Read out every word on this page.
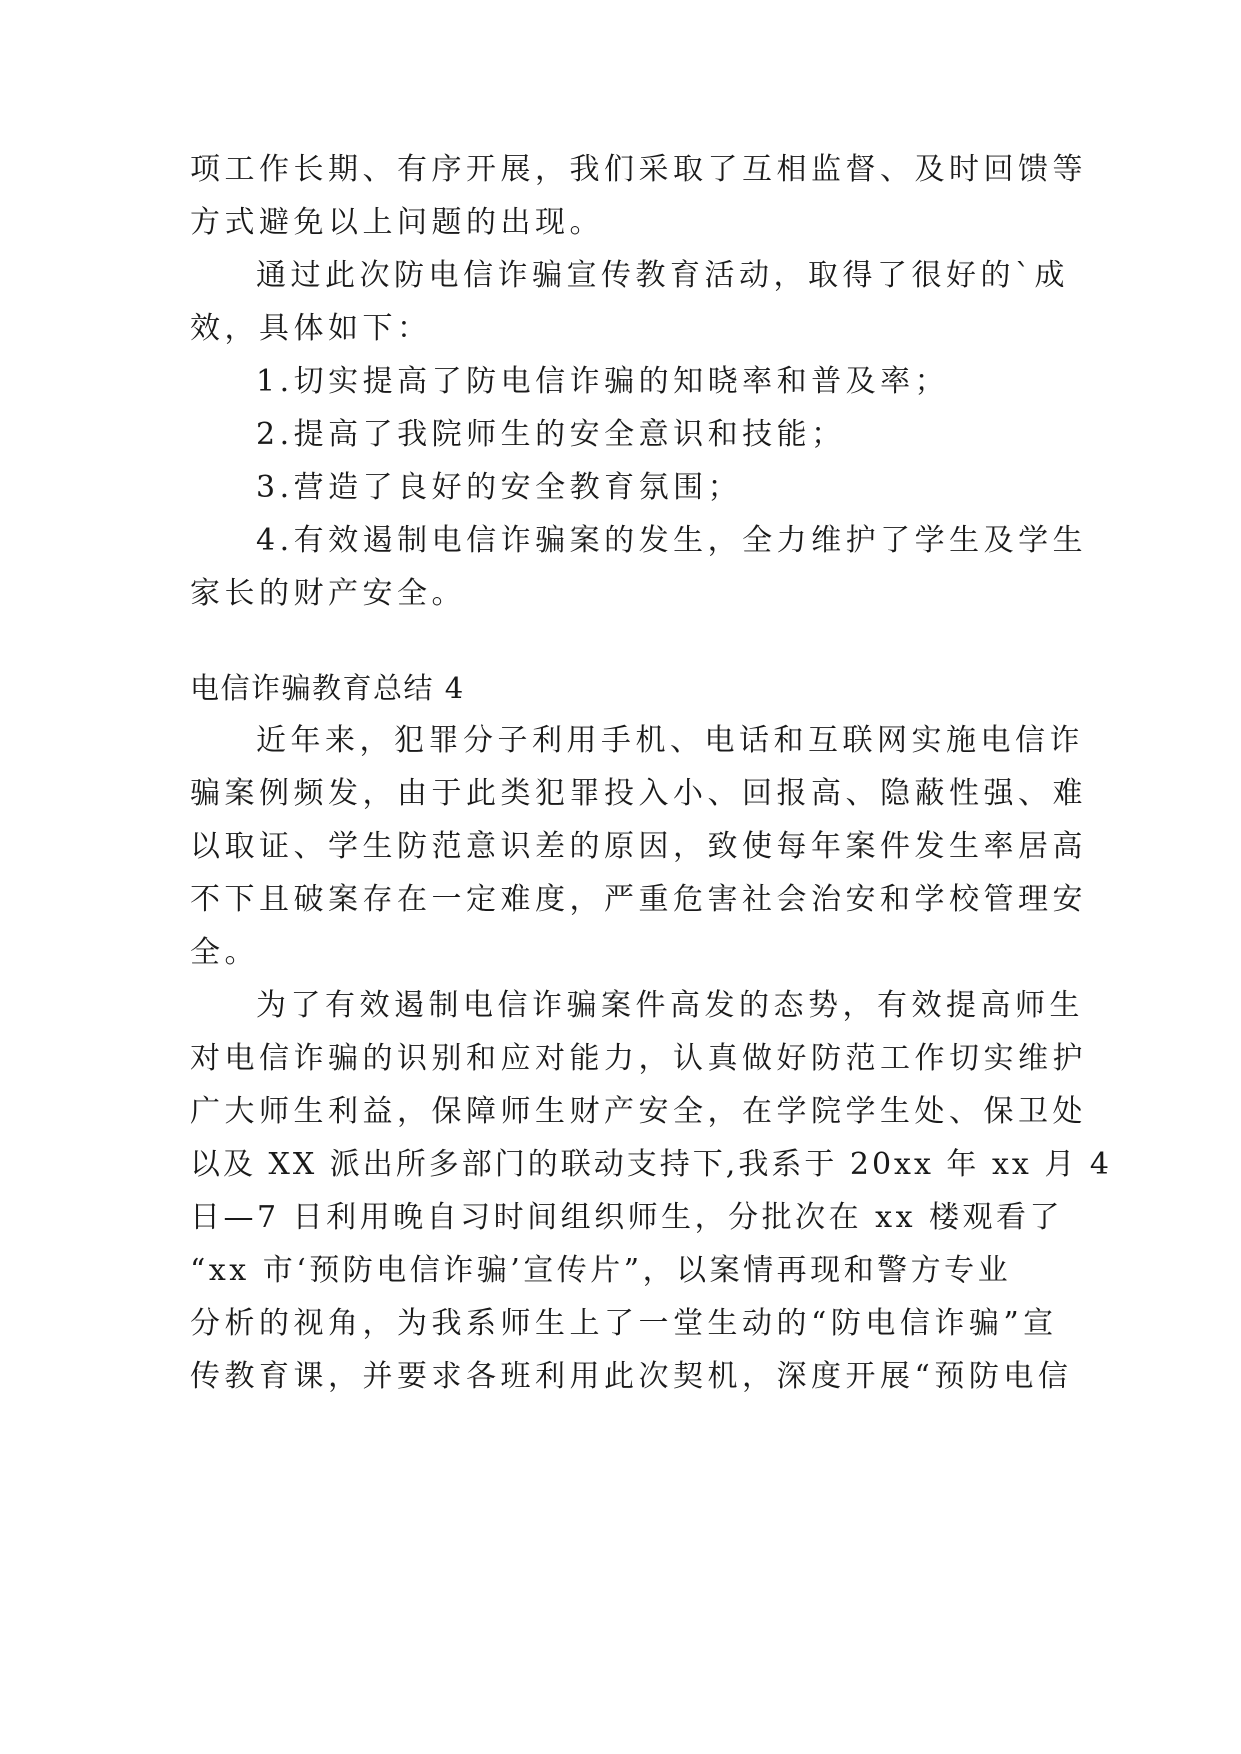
项工作长期、有序开展，我们采取了互相监督、及时回馈等
方式避免以上问题的出现。
通过此次防电信诈骗宣传教育活动，取得了很好的`成
效，具体如下：
1.切实提高了防电信诈骗的知晓率和普及率；
2.提高了我院师生的安全意识和技能；
3.营造了良好的安全教育氛围；
4.有效遏制电信诈骗案的发生，全力维护了学生及学生
家长的财产安全。
电信诈骗教育总结 4
近年来，犯罪分子利用手机、电话和互联网实施电信诈
骗案例频发，由于此类犯罪投入小、回报高、隐蔽性强、难
以取证、学生防范意识差的原因，致使每年案件发生率居高
不下且破案存在一定难度，严重危害社会治安和学校管理安
全。
为了有效遏制电信诈骗案件高发的态势，有效提高师生
对电信诈骗的识别和应对能力，认真做好防范工作切实维护
广大师生利益，保障师生财产安全，在学院学生处、保卫处
以及 XX 派出所多部门的联动支持下,我系于 20xx 年 xx 月 4
日—7 日利用晚自习时间组织师生，分批次在 xx 楼观看了
“xx 市‘预防电信诈骗’宣传片”，以案情再现和警方专业
分析的视角，为我系师生上了一堂生动的“防电信诈骗”宣
传教育课，并要求各班利用此次契机，深度开展“预防电信
